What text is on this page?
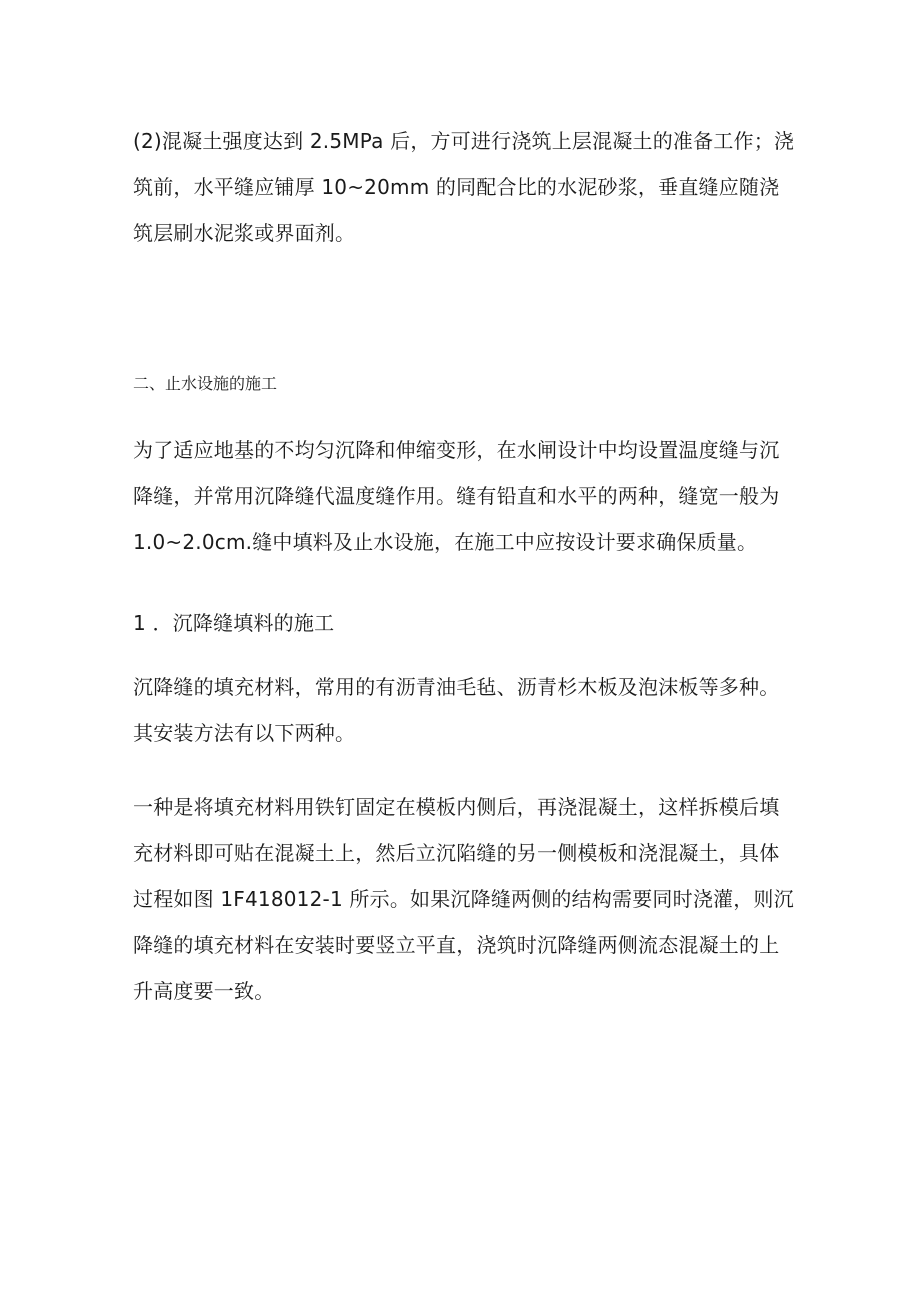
(2)混凝土强度达到 2.5MPa 后，方可进行浇筑上层混凝土的准备工作；浇筑前，水平缝应铺厚 10~20mm 的同配合比的水泥砂浆，垂直缝应随浇筑层刷水泥浆或界面剂。

二、止水设施的施工

为了适应地基的不均匀沉降和伸缩变形，在水闸设计中均设置温度缝与沉降缝，并常用沉降缝代温度缝作用。缝有铅直和水平的两种，缝宽一般为1.0~2.0cm.缝中填料及止水设施，在施工中应按设计要求确保质量。

1 ．沉降缝填料的施工

沉降缝的填充材料，常用的有沥青油毛毡、沥青杉木板及泡沫板等多种。其安装方法有以下两种。

一种是将填充材料用铁钉固定在模板内侧后，再浇混凝土，这样拆模后填充材料即可贴在混凝土上，然后立沉陷缝的另一侧模板和浇混凝土，具体过程如图 1F418012-1 所示。如果沉降缝两侧的结构需要同时浇灌，则沉降缝的填充材料在安装时要竖立平直，浇筑时沉降缝两侧流态混凝土的上升高度要一致。
